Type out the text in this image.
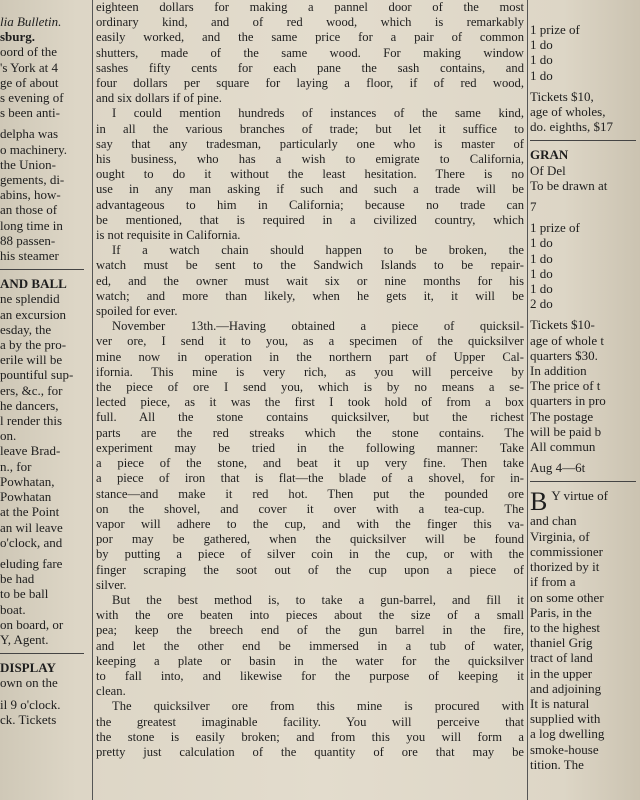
lia Bulletin.
sburg.
oord of the
's York at 4
ge of about
s evening of
s been anti-
delpha was
o machinery.
the Union-
gements, di-
abins, how-
an those of
long time in
88 passen-
his steamer
AND BALL
ne splendid
an excursion
esday, the
a by the pro-
erile will be
pountiful sup-
ers, &c., for
he dancers,
l render this
on.
leave Brad-
n., for
Powhatan,
Powhatan
at the Point
an wil leave
o'clock, and
eluding fare
be had
to be ball
boat.
on board, or
Y, Agent.
DISPLAY
own on the
il 9 o'clock.
ck. Tickets
eighteen dollars for making a pannel door of the most
ordinary kind, and of red wood, which is remarkably
easily worked, and the same price for a pair of common
shutters, made of the same wood. For making window
sashes fifty cents for each pane the sash contains, and
four dollars per square for laying a floor, if of red wood,
and six dollars if of pine.
I could mention hundreds of instances of the same kind,
in all the various branches of trade; but let it suffice to
say that any tradesman, particularly one who is master of
his business, who has a wish to emigrate to California,
ought to do it without the least hesitation. There is no
use in any man asking if such and such a trade will be
advantageous to him in California; because no trade can
be mentioned, that is required in a civilized country, which
is not requisite in California.
If a watch chain should happen to be broken, the
watch must be sent to the Sandwich Islands to be repair-
ed, and the owner must wait six or nine months for his
watch; and more than likely, when he gets it, it will be
spoiled for ever.
November 13th.—Having obtained a piece of quicksil-
ver ore, I send it to you, as a specimen of the quicksilver
mine now in operation in the northern part of Upper Cal-
ifornia. This mine is very rich, as you will perceive by
the piece of ore I send you, which is by no means a se-
lected piece, as it was the first I took hold of from a box
full. All the stone contains quicksilver, but the richest
parts are the red streaks which the stone contains. The
experiment may be tried in the following manner: Take
a piece of the stone, and beat it up very fine. Then take
a piece of iron that is flat—the blade of a shovel, for in-
stance—and make it red hot. Then put the pounded ore
on the shovel, and cover it over with a tea-cup. The
vapor will adhere to the cup, and with the finger this va-
por may be gathered, when the quicksilver will be found
by putting a piece of silver coin in the cup, or with the
finger scraping the soot out of the cup upon a piece of
silver.
But the best method is, to take a gun-barrel, and fill it
with the ore beaten into pieces about the size of a small
pea; keep the breech end of the gun barrel in the fire,
and let the other end be immersed in a tub of water,
keeping a plate or basin in the water for the quicksilver
to fall into, and likewise for the purpose of keeping it
clean.
The quicksilver ore from this mine is procured with
the greatest imaginable facility. You will perceive that
the stone is easily broken; and from this you will form a
pretty just calculation of the quantity of ore that may be
1 prize of
1 do
1 do
1 do
Tickets $10,
age of wholes,
do. eighths, $17
GRAN
Of Del
To be drawn at
7
1 prize of
1 do
1 do
1 do
1 do
2 do
Tickets $10-
age of whole t
quarters $30.
In addition
The price of t
quarters in pro
The postage
will be paid b
All commun
Aug 4—6t
B Y virtue of
and chan
Virginia, of
commissioner
thorized by it
if from a
on some other
Paris, in the
to the highest
thaniel Grig
tract of land
in the upper
and adjoining
It is natural
supplied with
a log dwelling
smoke-house
tition. The
